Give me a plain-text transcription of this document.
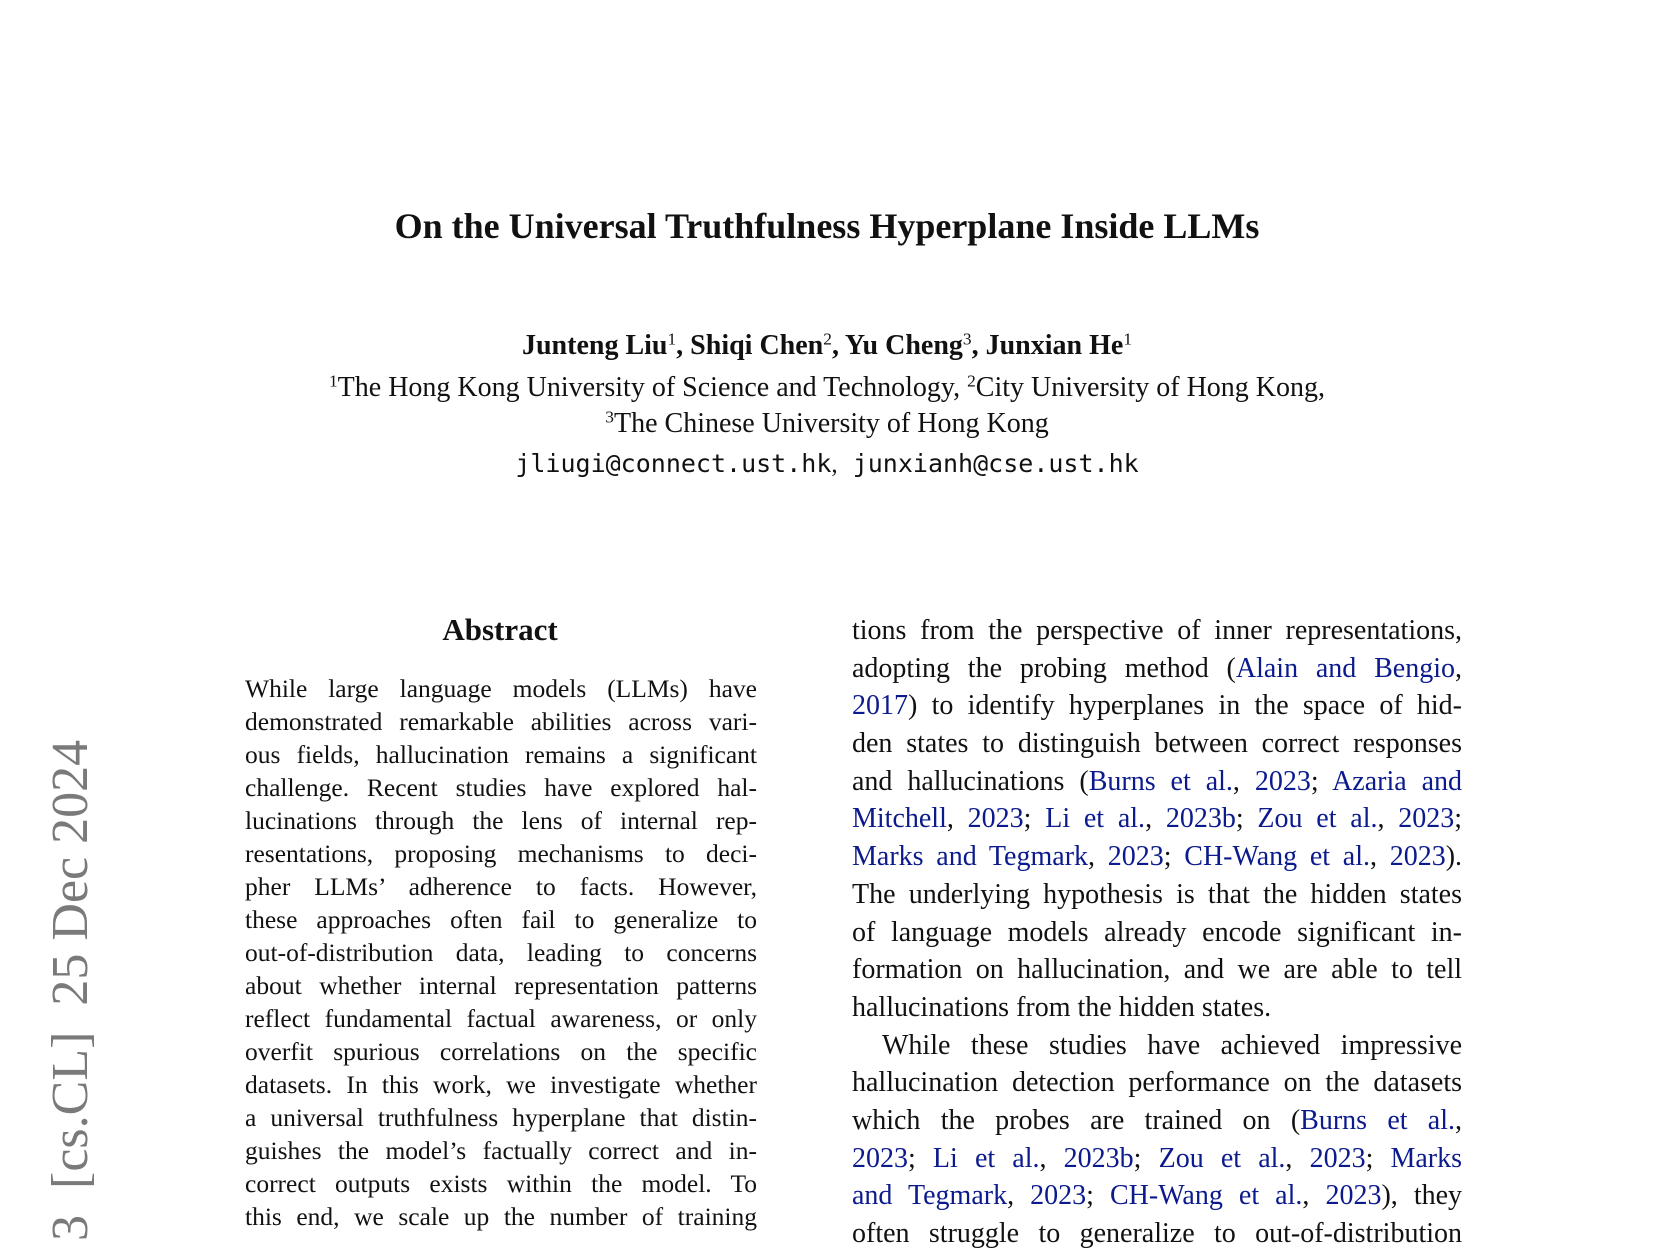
On the Universal Truthfulness Hyperplane Inside LLMs
Junteng Liu$^1$, Shiqi Chen$^2$, Yu Cheng$^3$, Junxian He$^1$
$^1$The Hong Kong University of Science and Technology, $^2$City University of Hong Kong,
$^3$The Chinese University of Hong Kong
jliugi@connect.ust.hk, junxianh@cse.ust.hk
3  [cs.CL]  25 Dec 2024
Abstract
While large language models (LLMs) have
demonstrated remarkable abilities across vari-
ous fields, hallucination remains a significant
challenge. Recent studies have explored hal-
lucinations through the lens of internal rep-
resentations, proposing mechanisms to deci-
pher LLMs’ adherence to facts. However,
these approaches often fail to generalize to
out-of-distribution data, leading to concerns
about whether internal representation patterns
reflect fundamental factual awareness, or only
overfit spurious correlations on the specific
datasets. In this work, we investigate whether
a universal truthfulness hyperplane that distin-
guishes the model’s factually correct and in-
correct outputs exists within the model. To
this end, we scale up the number of training
tions from the perspective of inner representations,
adopting the probing method (Alain and Bengio,
2017) to identify hyperplanes in the space of hid-
den states to distinguish between correct responses
and hallucinations (Burns et al., 2023; Azaria and
Mitchell, 2023; Li et al., 2023b; Zou et al., 2023;
Marks and Tegmark, 2023; CH-Wang et al., 2023).
The underlying hypothesis is that the hidden states
of language models already encode significant in-
formation on hallucination, and we are able to tell
hallucinations from the hidden states.
While these studies have achieved impressive
hallucination detection performance on the datasets
which the probes are trained on (Burns et al.,
2023; Li et al., 2023b; Zou et al., 2023; Marks
and Tegmark, 2023; CH-Wang et al., 2023), they
often struggle to generalize to out-of-distribution
